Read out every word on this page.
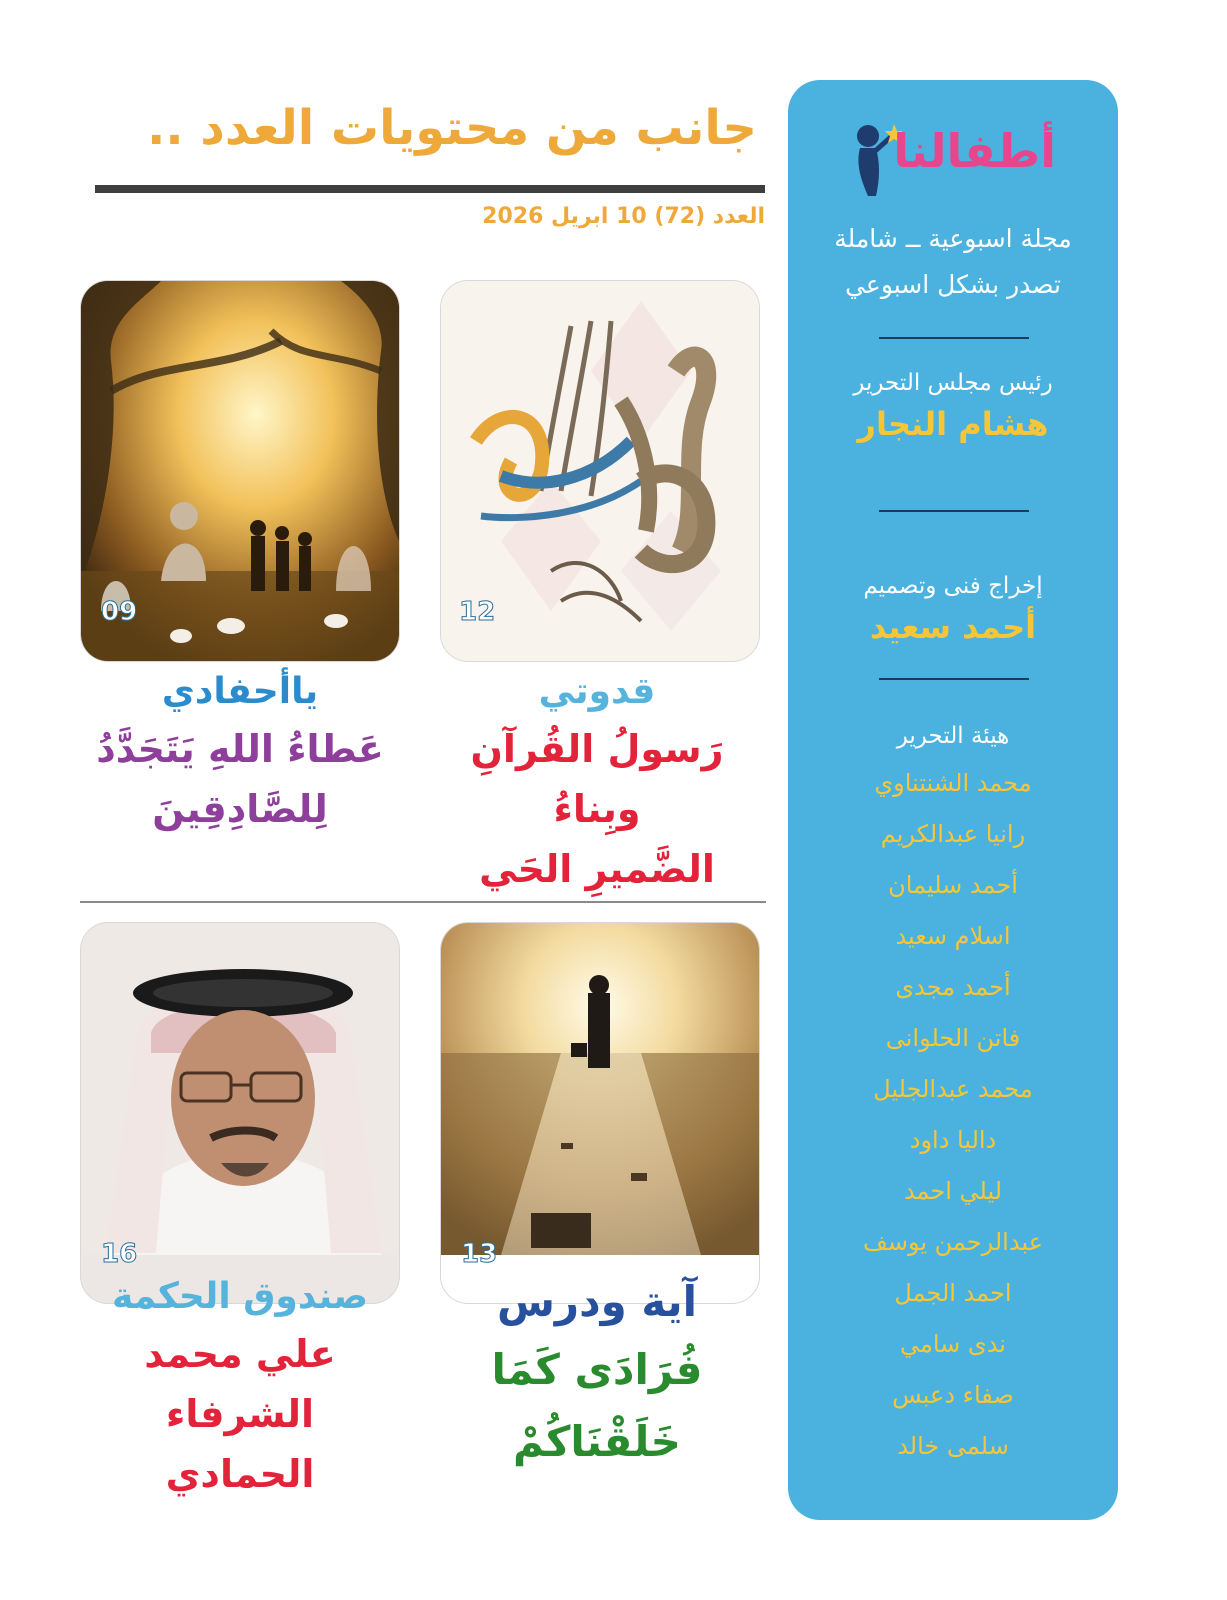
جانب من محتويات العدد ..
العدد (72) 10 ابريل 2026
12
قدوتي
رَسولُ القُرآنِ وبِناءُ
الضَّميرِ الحَي
09
ياأحفادي
عَطاءُ اللهِ يَتَجَدَّدُ
لِلصَّادِقِينَ
13
آية ودرس
فُرَادَى كَمَا
خَلَقْنَاكُمْ
16
صندوق الحكمة
علي محمد الشرفاء
الحمادي
أطفالنا
مجلة اسبوعية ــ شاملة
تصدر بشكل اسبوعي
رئيس مجلس التحرير
هشام النجار
إخراج فنى وتصميم
أحمد سعيد
هيئة التحرير
محمد الشنتناوي
رانيا عبدالكريم
أحمد سليمان
اسلام سعيد
أحمد مجدى
فاتن الحلوانى
محمد عبدالجليل
داليا داود
ليلي احمد
عبدالرحمن يوسف
احمد الجمل
ندى سامي
صفاء دعبس
سلمى خالد
